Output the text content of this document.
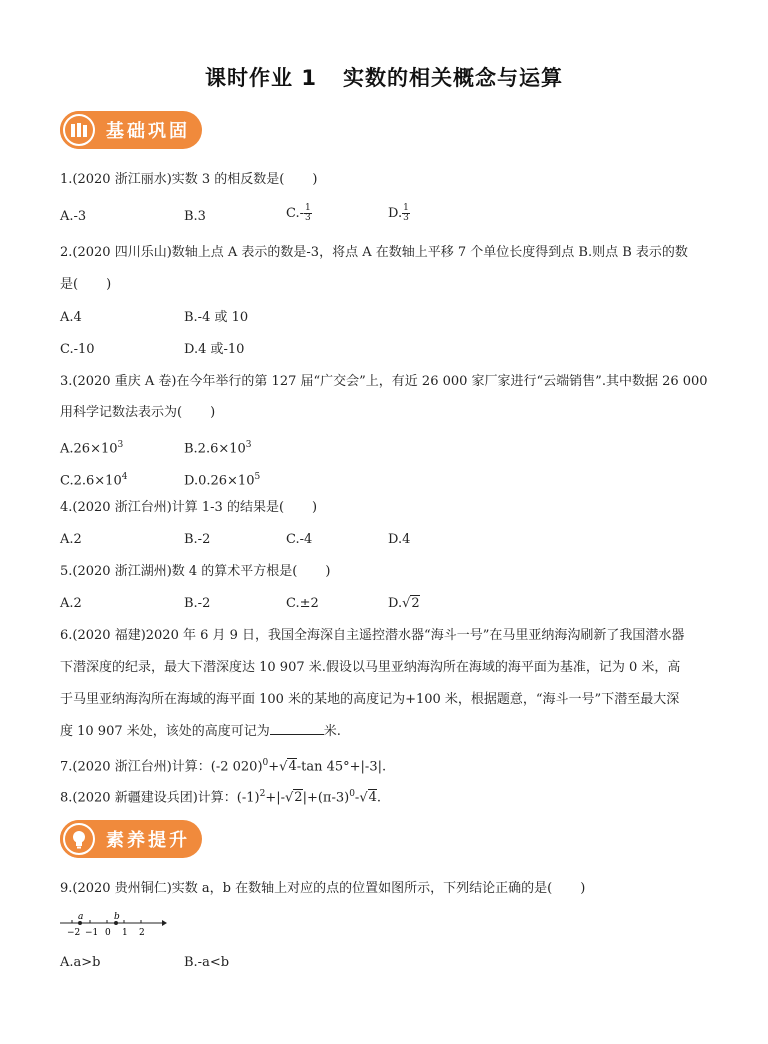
课时作业 1 实数的相关概念与运算
基础巩固
1.(2020 浙江丽水)实数 3 的相反数是( )
A.-3	B.3	$C.- \frac{1}{3}$	D. $\frac{1}{3}$
2.(2020 四川乐山)数轴上点 A 表示的数是-3，将点 A 在数轴上平移 7 个单位长度得到点 B.则点 B 表示的数
是( )
A.4	B.-4 或 10
C.-10	D.4 或-10
3.(2020 重庆 A 卷)在今年举行的第 127 届“广交会”上，有近 26 000 家厂家进行“云端销售”.其中数据 26 000
用科学记数法表示为( )
$A.26\times 10^3$	$B.2.6\times 10^3$
$C.2.6\times 10^4$	$D.0.26\times 10^5$
4.(2020 浙江台州)计算 1-3 的结果是( )
A.2	B.-2	C.-4	D.4
5.(2020 浙江湖州)数 4 的算术平方根是( )
A.2	B.-2	C.±2	D.√2
6.(2020 福建)2020 年 6 月 9 日，我国全海深自主遥控潜水器“海斗一号”在马里亚纳海沟刷新了我国潜水器
下潜深度的纪录，最大下潜深度达 10 907 米.假设以马里亚纳海沟所在海域的海平面为基准，记为 0 米，高
于马里亚纳海沟所在海域的海平面 100 米的某地的高度记为+100 米，根据题意，“海斗一号”下潜至最大深
度 10 907 米处，该处的高度可记为	米.
7.(2020 浙江台州)计算：(-2 020)$^0$+√4-tan 45°+|-3|.
8.(2020 新疆建设兵团)计算：$(-1)^2+|-√2|+(\pi-3)^0-√4$.
素养提升
9.(2020 贵州铜仁)实数 a，b 在数轴上对应的点的位置如图所示，下列结论正确的是( )
a	b
−2 −1 0 1 2
A.a>b	B.-a<b
